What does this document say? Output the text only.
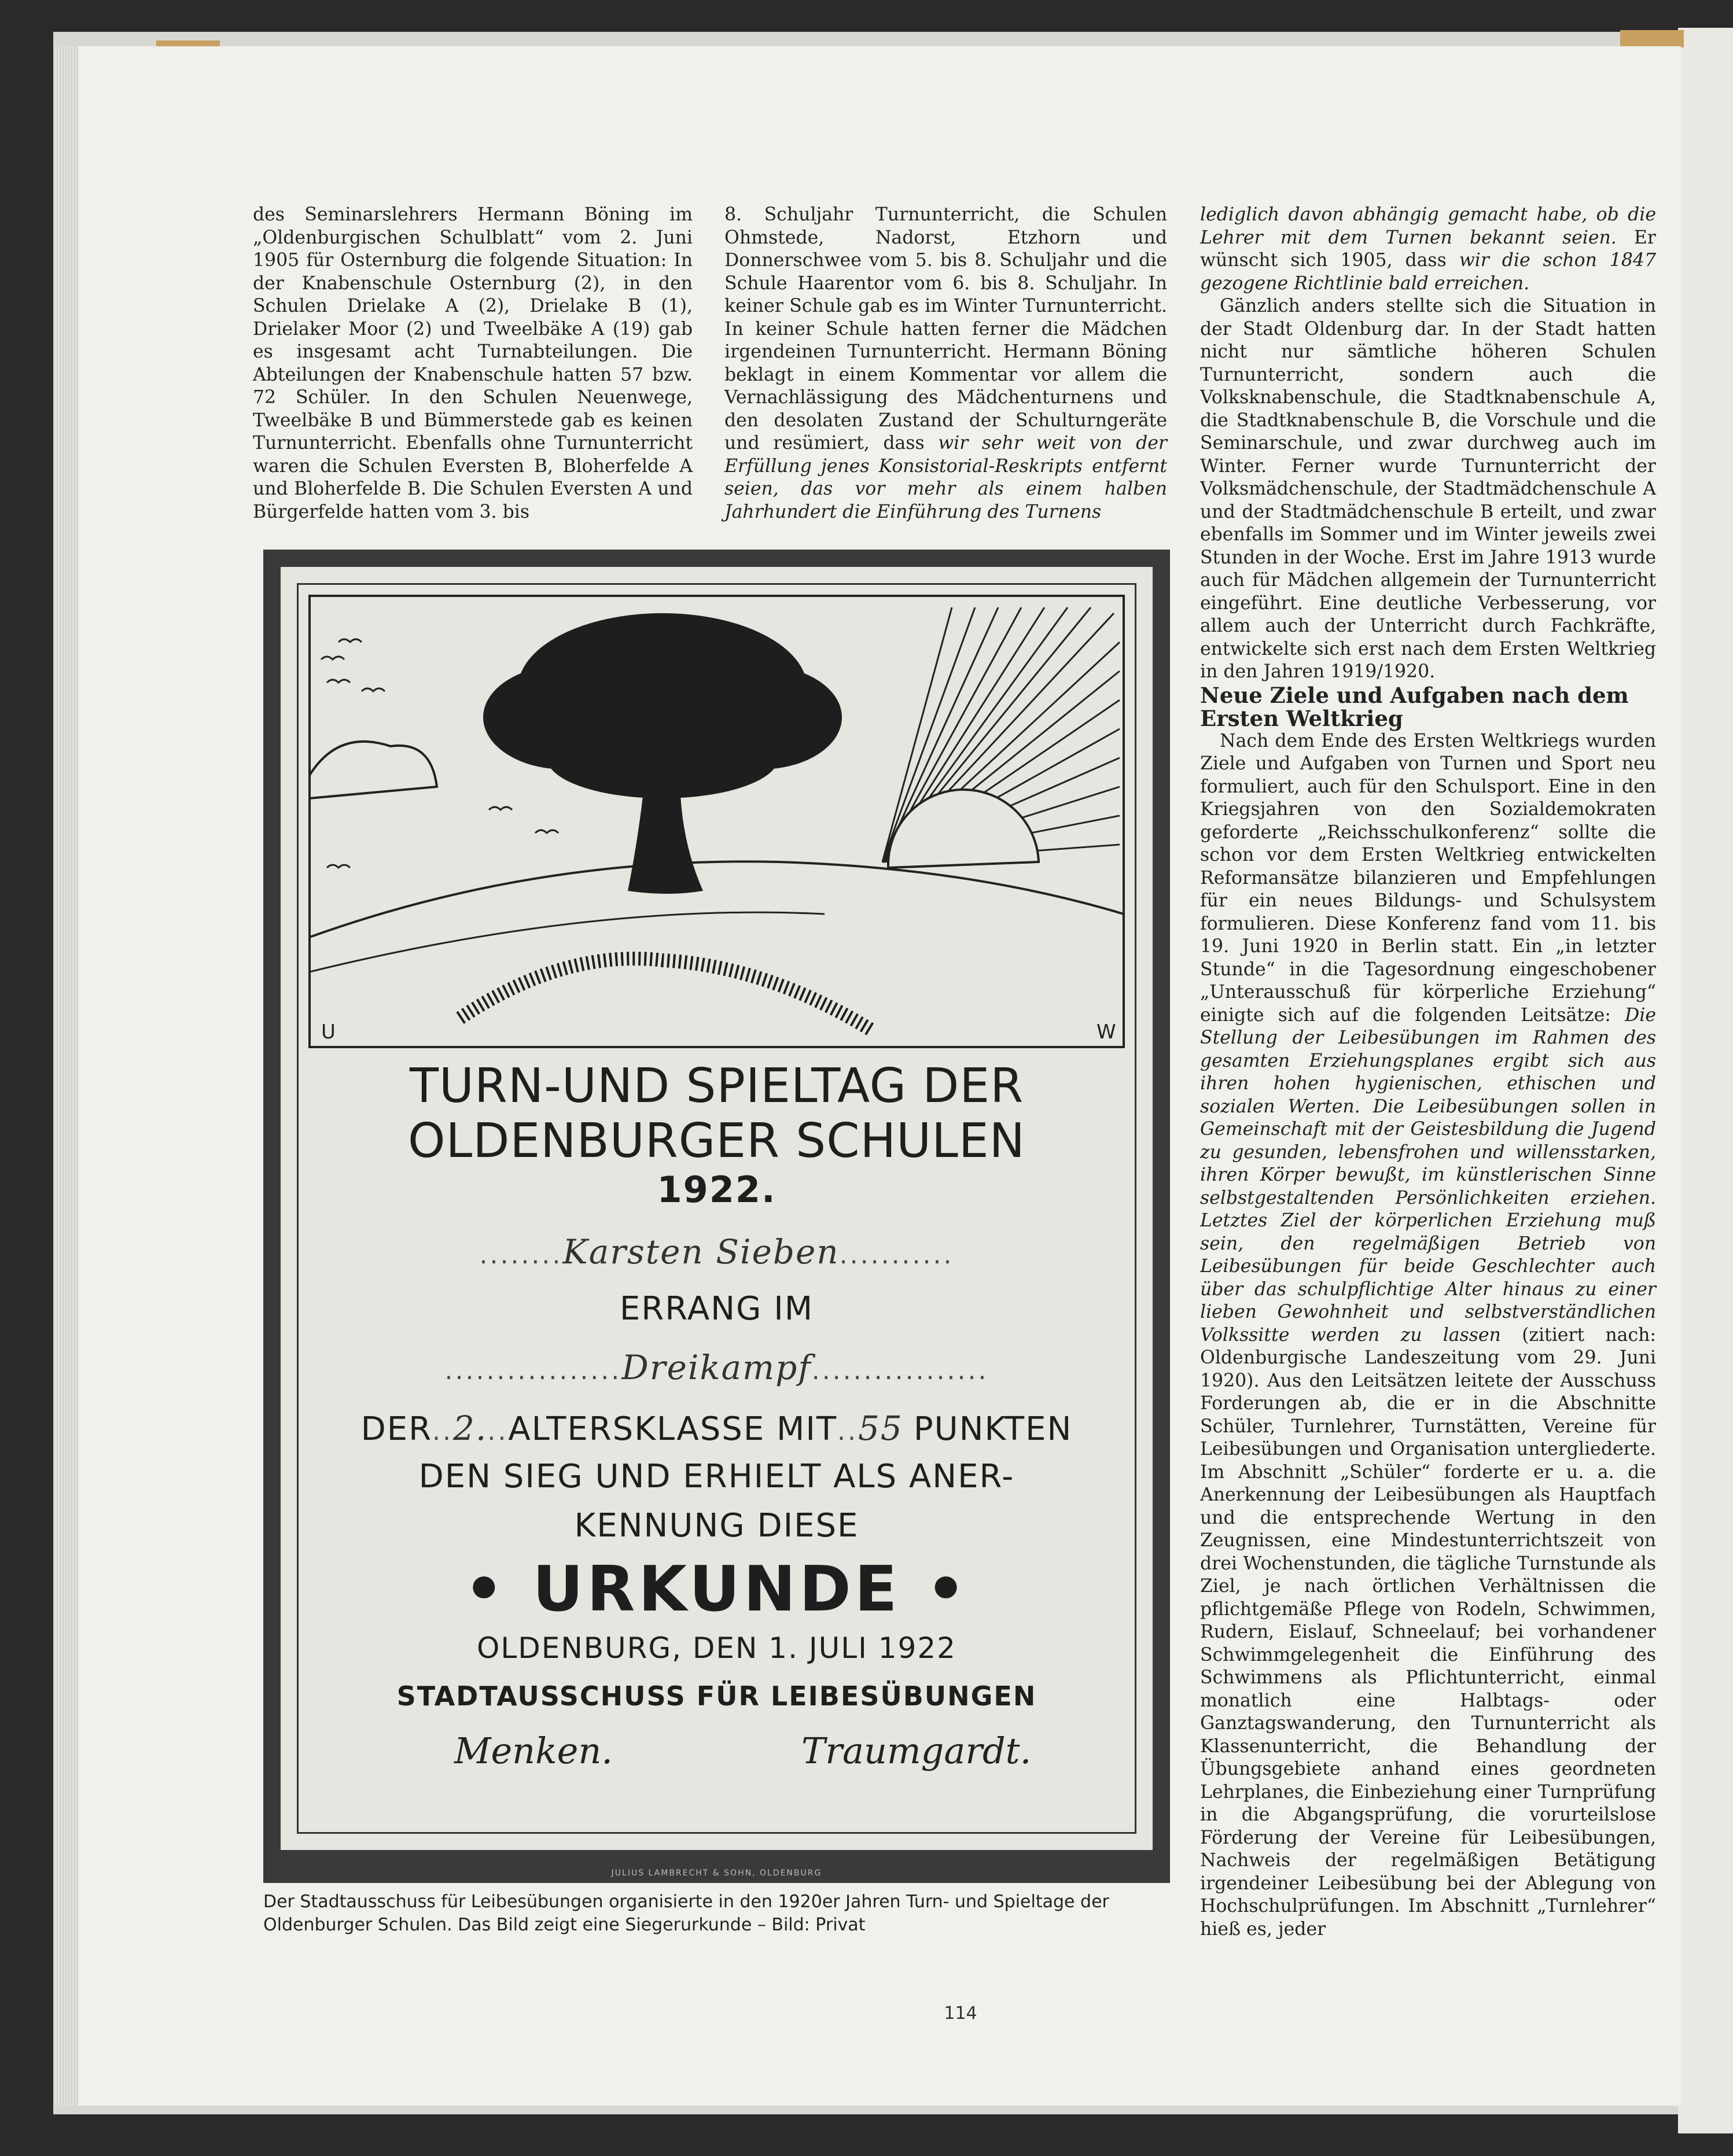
des Seminarslehrers Hermann Böning im „Oldenburgischen Schulblatt“ vom 2. Juni 1905 für Osternburg die folgende Situation: In der Knabenschule Osternburg (2), in den Schulen Drielake A (2), Drielake B (1), Drielaker Moor (2) und Tweelbäke A (19) gab es insgesamt acht Turnabteilungen. Die Abteilungen der Knabenschule hatten 57 bzw. 72 Schüler. In den Schulen Neuenwege, Tweelbäke B und Bümmerstede gab es keinen Turnunterricht. Ebenfalls ohne Turnunterricht waren die Schulen Eversten B, Bloherfelde A und Bloherfelde B. Die Schulen Eversten A und Bürgerfelde hatten vom 3. bis

8. Schuljahr Turnunterricht, die Schulen Ohmstede, Nadorst, Etzhorn und Donnerschwee vom 5. bis 8. Schuljahr und die Schule Haarentor vom 6. bis 8. Schuljahr. In keiner Schule gab es im Winter Turnunterricht. In keiner Schule hatten ferner die Mädchen irgendeinen Turnunterricht. Hermann Böning beklagt in einem Kommentar vor allem die Vernachlässigung des Mädchenturnens und den desolaten Zustand der Schulturngeräte und resümiert, dass wir sehr weit von der Erfüllung jenes Konsistorial-Reskripts entfernt seien, das vor mehr als einem halben Jahrhundert die Einführung des Turnens

lediglich davon abhängig gemacht habe, ob die Lehrer mit dem Turnen bekannt seien. Er wünscht sich 1905, dass wir die schon 1847 gezogene Richtlinie bald erreichen.

Gänzlich anders stellte sich die Situation in der Stadt Oldenburg dar. In der Stadt hatten nicht nur sämtliche höheren Schulen Turnunterricht, sondern auch die Volksknabenschule, die Stadtknabenschule A, die Stadtknabenschule B, die Vorschule und die Seminarschule, und zwar durchweg auch im Winter. Ferner wurde Turnunterricht der Volksmädchenschule, der Stadtmädchenschule A und der Stadtmädchenschule B erteilt, und zwar ebenfalls im Sommer und im Winter jeweils zwei Stunden in der Woche. Erst im Jahre 1913 wurde auch für Mädchen allgemein der Turnunterricht eingeführt. Eine deutliche Verbesserung, vor allem auch der Unterricht durch Fachkräfte, entwickelte sich erst nach dem Ersten Weltkrieg in den Jahren 1919/1920.

Neue Ziele und Aufgaben nach dem Ersten Weltkrieg

Nach dem Ende des Ersten Weltkriegs wurden Ziele und Aufgaben von Turnen und Sport neu formuliert, auch für den Schulsport. Eine in den Kriegsjahren von den Sozialdemokraten geforderte „Reichsschulkonferenz“ sollte die schon vor dem Ersten Weltkrieg entwickelten Reformansätze bilanzieren und Empfehlungen für ein neues Bildungs- und Schulsystem formulieren. Diese Konferenz fand vom 11. bis 19. Juni 1920 in Berlin statt. Ein „in letzter Stunde“ in die Tagesordnung eingeschobener „Unterausschuß für körperliche Erziehung“ einigte sich auf die folgenden Leitsätze: Die Stellung der Leibesübungen im Rahmen des gesamten Erziehungsplanes ergibt sich aus ihren hohen hygienischen, ethischen und sozialen Werten. Die Leibesübungen sollen in Gemeinschaft mit der Geistesbildung die Jugend zu gesunden, lebensfrohen und willensstarken, ihren Körper bewußt, im künstlerischen Sinne selbstgestaltenden Persönlichkeiten erziehen. Letztes Ziel der körperlichen Erziehung muß sein, den regelmäßigen Betrieb von Leibesübungen für beide Geschlechter auch über das schulpflichtige Alter hinaus zu einer lieben Gewohnheit und selbstverständlichen Volkssitte werden zu lassen (zitiert nach: Oldenburgische Landeszeitung vom 29. Juni 1920). Aus den Leitsätzen leitete der Ausschuss Forderungen ab, die er in die Abschnitte Schüler, Turnlehrer, Turnstätten, Vereine für Leibesübungen und Organisation untergliederte. Im Abschnitt „Schüler“ forderte er u. a. die Anerkennung der Leibesübungen als Hauptfach und die entsprechende Wertung in den Zeugnissen, eine Mindestunterrichtszeit von drei Wochenstunden, die tägliche Turnstunde als Ziel, je nach örtlichen Verhältnissen die pflichtgemäße Pflege von Rodeln, Schwimmen, Rudern, Eislauf, Schneelauf; bei vorhandener Schwimmgelegenheit die Einführung des Schwimmens als Pflichtunterricht, einmal monatlich eine Halbtags- oder Ganztagswanderung, den Turnunterricht als Klassenunterricht, die Behandlung der Übungsgebiete anhand eines geordneten Lehrplanes, die Einbeziehung einer Turnprüfung in die Abgangsprüfung, die vorurteilslose Förderung der Vereine für Leibesübungen, Nachweis der regelmäßigen Betätigung irgendeiner Leibesübung bei der Ablegung von Hochschulprüfungen. Im Abschnitt „Turnlehrer“ hieß es, jeder

U	W
TURN-UND SPIELTAG DER
OLDENBURGER SCHULEN
1922.
........Karsten Sieben...........
ERRANG IM
.................Dreikampf.................
DER..2...ALTERSKLASSE MIT..55 PUNKTEN
DEN SIEG UND ERHIELT ALS ANER-
KENNUNG DIESE
• URKUNDE •
OLDENBURG, DEN 1. JULI 1922
STADTAUSSCHUSS FÜR LEIBESÜBUNGEN
Menken.	Traumgardt.
JULIUS LAMBRECHT & SOHN, OLDENBURG
Der Stadtausschuss für Leibesübungen organisierte in den 1920er Jahren Turn- und Spieltage der Oldenburger Schulen. Das Bild zeigt eine Siegerurkunde – Bild: Privat
114
